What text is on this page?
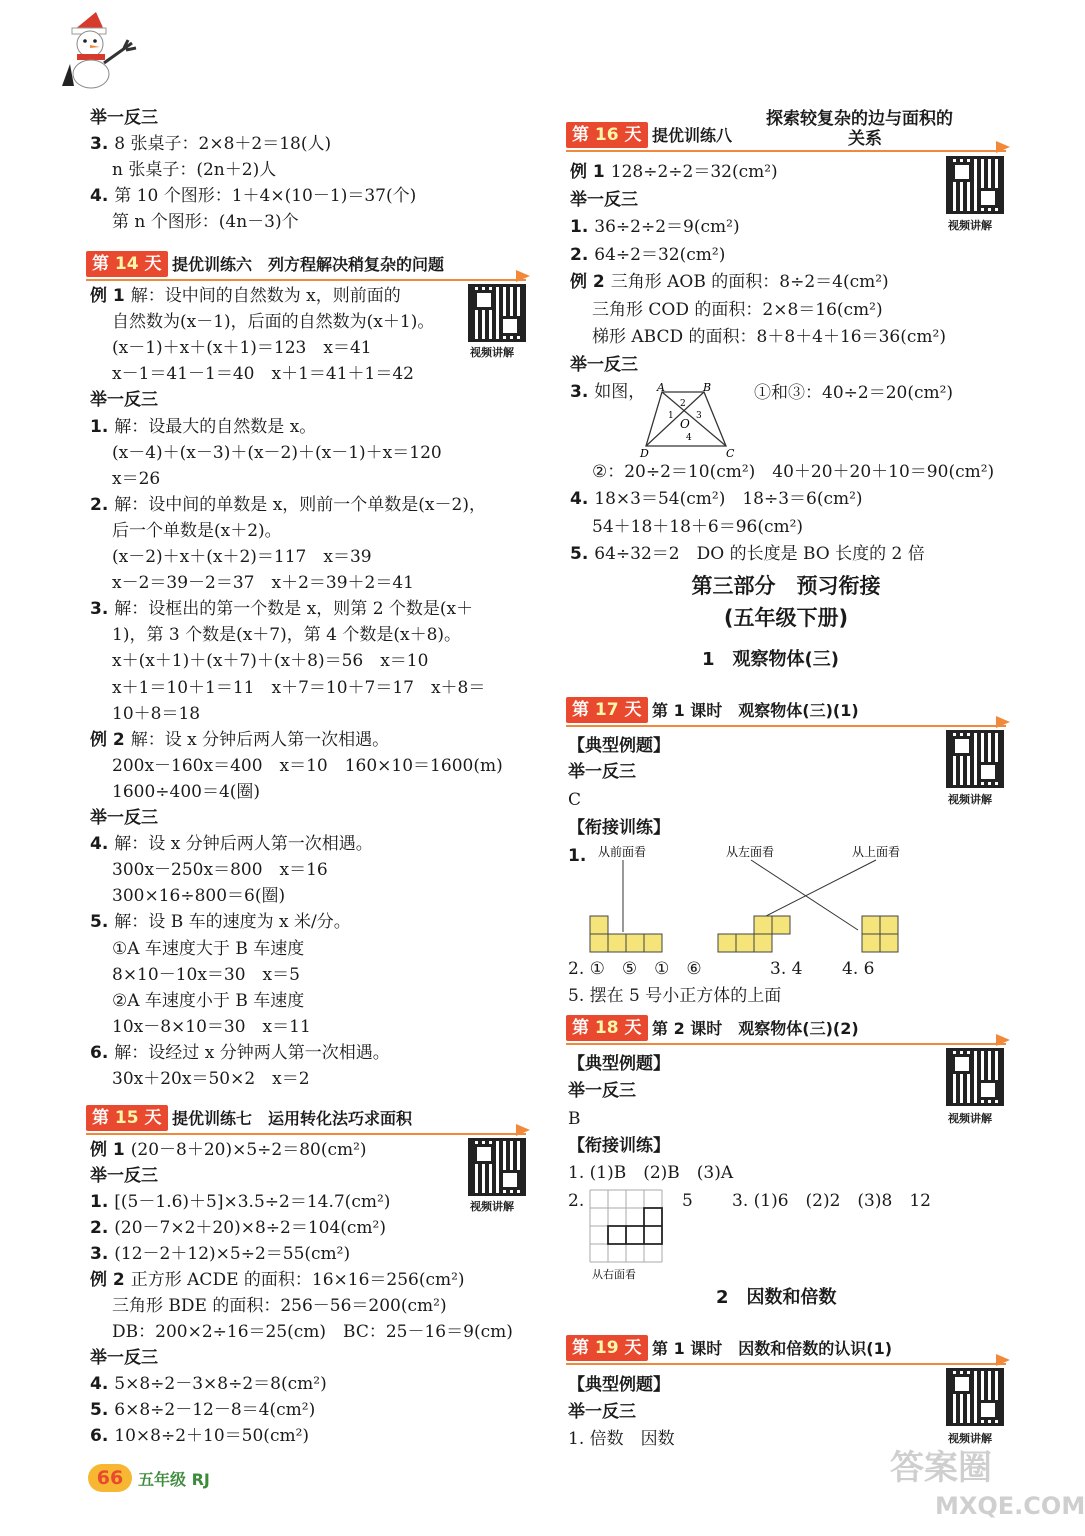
举一反三
3. 8 张桌子：2×8＋2＝18(人)
n 张桌子：(2n＋2)人
4. 第 10 个图形：1＋4×(10－1)＝37(个)
第 n 个图形：(4n－3)个
第 14 天 提优训练六　列方程解决稍复杂的问题
视频讲解
例 1 解：设中间的自然数为 x，则前面的
自然数为(x－1)，后面的自然数为(x＋1)。
(x－1)＋x＋(x＋1)＝123　x＝41
x－1＝41－1＝40　x＋1＝41＋1＝42
举一反三
1. 解：设最大的自然数是 x。
(x－4)＋(x－3)＋(x－2)＋(x－1)＋x＝120
x＝26
2. 解：设中间的单数是 x，则前一个单数是(x－2)，
后一个单数是(x＋2)。
(x－2)＋x＋(x＋2)＝117　x＝39
x－2＝39－2＝37　x＋2＝39＋2＝41
3. 解：设框出的第一个数是 x，则第 2 个数是(x＋
1)，第 3 个数是(x＋7)，第 4 个数是(x＋8)。
x＋(x＋1)＋(x＋7)＋(x＋8)＝56　x＝10
x＋1＝10＋1＝11　x＋7＝10＋7＝17　x＋8＝
10＋8＝18
例 2 解：设 x 分钟后两人第一次相遇。
200x－160x＝400　x＝10　160×10＝1600(m)
1600÷400＝4(圈)
举一反三
4. 解：设 x 分钟后两人第一次相遇。
300x－250x＝800　x＝16
300×16÷800＝6(圈)
5. 解：设 B 车的速度为 x 米/分。
①A 车速度大于 B 车速度
8×10－10x＝30　x＝5
②A 车速度小于 B 车速度
10x－8×10＝30　x＝11
6. 解：设经过 x 分钟两人第一次相遇。
30x＋20x＝50×2　x＝2
第 15 天 提优训练七　运用转化法巧求面积
视频讲解
例 1 (20－8＋20)×5÷2＝80(cm²)
举一反三
1. [(5－1.6)＋5]×3.5÷2＝14.7(cm²)
2. (20－7×2＋20)×8÷2＝104(cm²)
3. (12－2＋12)×5÷2＝55(cm²)
例 2 正方形 ACDE 的面积：16×16＝256(cm²)
三角形 BDE 的面积：256－56＝200(cm²)
DB：200×2÷16＝25(cm)　BC：25－16＝9(cm)
举一反三
4. 5×8÷2－3×8÷2＝8(cm²)
5. 6×8÷2－12－8＝4(cm²)
6. 10×8÷2＋10＝50(cm²)
探索较复杂的边与面积的
第 16 天 提优训练八	关系
视频讲解
例 1 128÷2÷2＝32(cm²)
举一反三
1. 36÷2÷2＝9(cm²)
2. 64÷2＝32(cm²)
例 2 三角形 AOB 的面积：8÷2＝4(cm²)
三角形 COD 的面积：2×8＝16(cm²)
梯形 ABCD 的面积：8＋8＋4＋16＝36(cm²)
举一反三
3. 如图，
②：20÷2＝10(cm²)　40＋20＋20＋10＝90(cm²)
4. 18×3＝54(cm²)　18÷3＝6(cm²)
54＋18＋18＋6＝96(cm²)
5. 64÷32＝2　DO 的长度是 BO 长度的 2 倍
A	B
C
D
O
2
1 3
4
①和③：40÷2＝20(cm²)
第三部分　预习衔接
(五年级下册)
1　观察物体(三)
第 17 天 第 1 课时　观察物体(三)(1)
视频讲解
【典型例题】
举一反三
C
【衔接训练】
1. 从前面看	从左面看	从上面看
2. ①　⑤　①　⑥	3. 4 4. 6
5. 摆在 5 号小正方体的上面
第 18 天 第 2 课时　观察物体(三)(2)
视频讲解
【典型例题】
举一反三
B
【衔接训练】
1. (1)B　(2)B　(3)A
2.
从右面看
5 3. (1)6　(2)2　(3)8　12
2　因数和倍数
第 19 天 第 1 课时　因数和倍数的认识(1)
视频讲解
【典型例题】
举一反三
1. 倍数　因数
66 五年级 RJ	答案圈
MXQE.COM
